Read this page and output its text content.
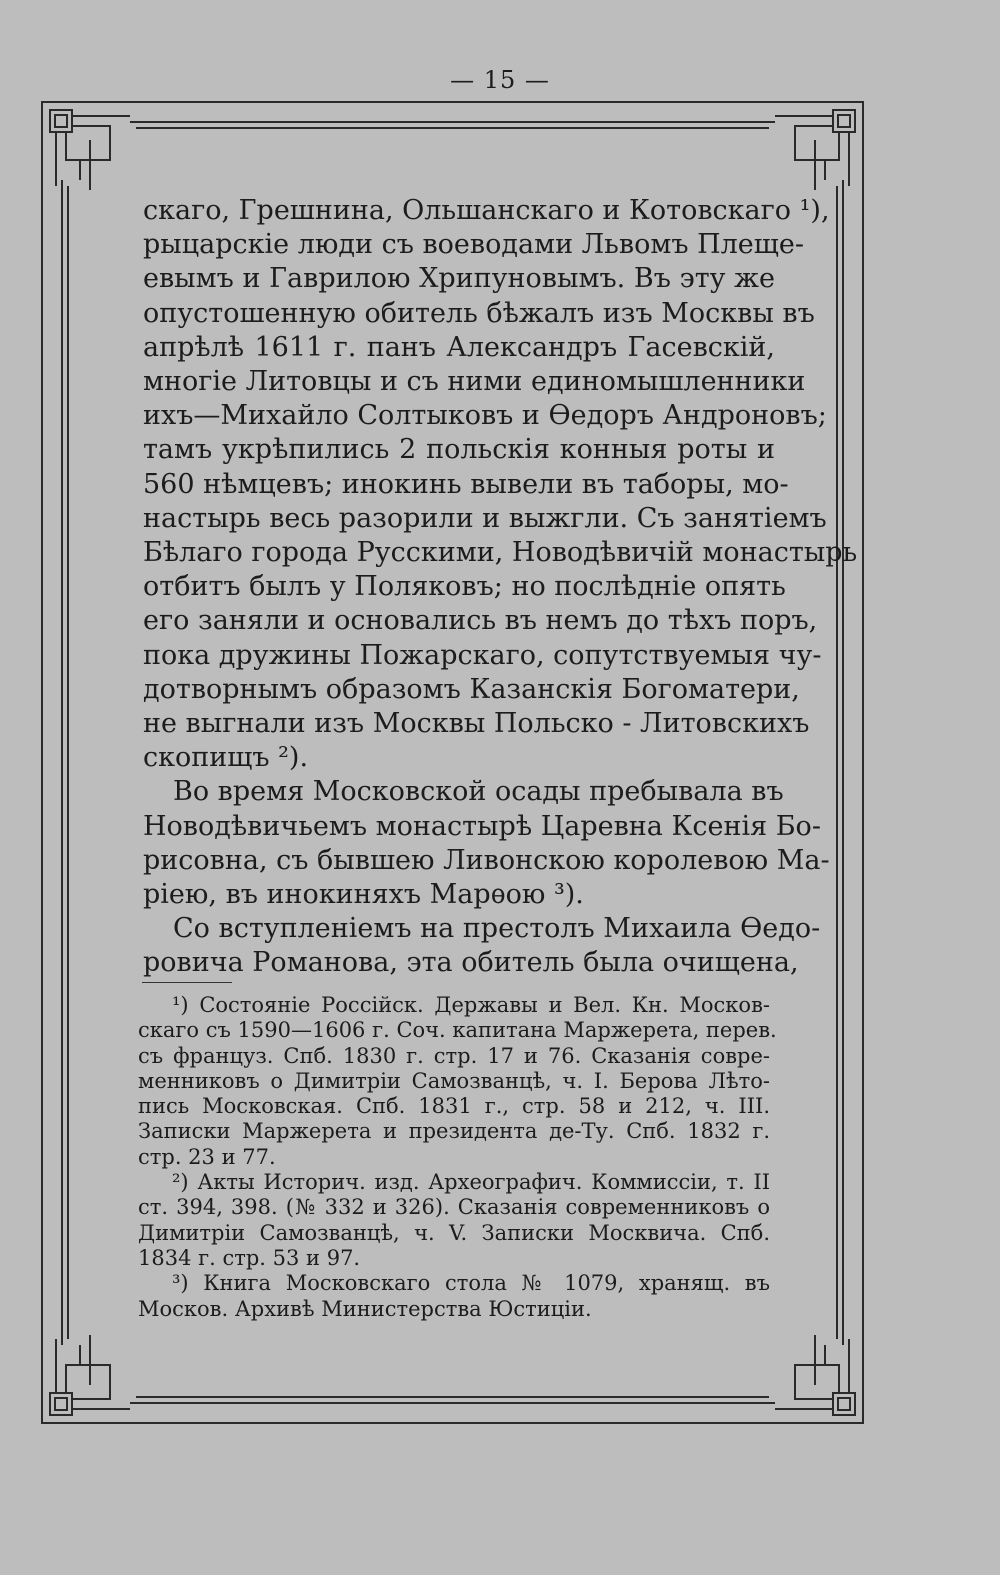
— 15 —
скаго, Грешнина, Ольшанскаго и Котовскаго ¹),
рыцарскіе люди съ воеводами Львомъ Плеще-
евымъ и Гаврилою Хрипуновымъ. Въ эту же
опустошенную обитель бѣжалъ изъ Москвы въ
апрѣлѣ 1611 г. панъ Александръ Гасевскій,
многіе Литовцы и съ ними единомышленники
ихъ—Михайло Солтыковъ и Ѳедоръ Андроновъ;
тамъ укрѣпились 2 польскія конныя роты и
560 нѣмцевъ; инокинь вывели въ таборы, мо-
настырь весь разорили и выжгли. Съ занятіемъ
Бѣлаго города Русскими, Новодѣвичій монастырь
отбитъ былъ у Поляковъ; но послѣдніе опять
его заняли и основались въ немъ до тѣхъ поръ,
пока дружины Пожарскаго, сопутствуемыя чу-
дотворнымъ образомъ Казанскія Богоматери,
не выгнали изъ Москвы Польско - Литовскихъ
скопищъ ²).
Во время Московской осады пребывала въ
Новодѣвичьемъ монастырѣ Царевна Ксенія Бо-
рисовна, съ бывшею Ливонскою королевою Ма-
ріею, въ инокиняхъ Марѳою ³).
Со вступленіемъ на престолъ Михаила Ѳедо-
ровича Романова, эта обитель была очищена,
¹) Состояніе Россійск. Державы и Вел. Кн. Москов-
скаго съ 1590—1606 г. Соч. капитана Маржерета, перев.
съ француз. Спб. 1830 г. стр. 17 и 76. Сказанія совре-
менниковъ о Димитріи Самозванцѣ, ч. I. Берова Лѣто-
пись Московская. Спб. 1831 г., стр. 58 и 212, ч. III.
Записки Маржерета и президента де-Ту. Спб. 1832 г.
стр. 23 и 77.
²) Акты Историч. изд. Археографич. Коммиссіи, т. II
ст. 394, 398. (№ 332 и 326). Сказанія современниковъ о
Димитріи Самозванцѣ, ч. V. Записки Москвича. Спб.
1834 г. стр. 53 и 97.
³) Книга Московскаго стола № 1079, хранящ. въ
Москов. Архивѣ Министерства Юстиціи.
